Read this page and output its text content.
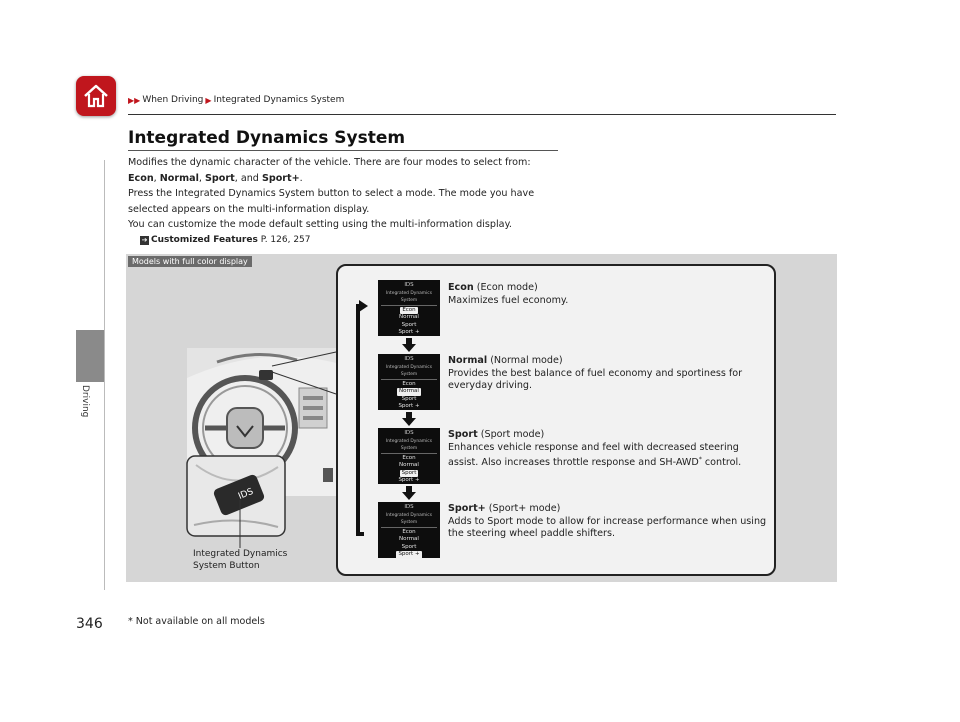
▶▶ When Driving ▶ Integrated Dynamics System
Driving
Integrated Dynamics System
Modifies the dynamic character of the vehicle. There are four modes to select from:
Econ, Normal, Sport, and Sport+.
Press the Integrated Dynamics System button to select a mode. The mode you have selected appears on the multi-information display.
You can customize the mode default setting using the multi-information display.
➔ Customized Features P. 126, 257
Models with full color display
IDS
Integrated Dynamics
System Button
IDS
Integrated Dynamics System
Econ
Normal
Sport
Sport +
IDS
Integrated Dynamics System
Econ
Normal
Sport
Sport +
IDS
Integrated Dynamics System
Econ
Normal
Sport
Sport +
IDS
Integrated Dynamics System
Econ
Normal
Sport
Sport +
Econ (Econ mode)
Maximizes fuel economy.
Normal (Normal mode)
Provides the best balance of fuel economy and sportiness for everyday driving.
Sport (Sport mode)
Enhances vehicle response and feel with decreased steering assist. Also increases throttle response and SH-AWD* control.
Sport+ (Sport+ mode)
Adds to Sport mode to allow for increase performance when using the steering wheel paddle shifters.
346	* Not available on all models
